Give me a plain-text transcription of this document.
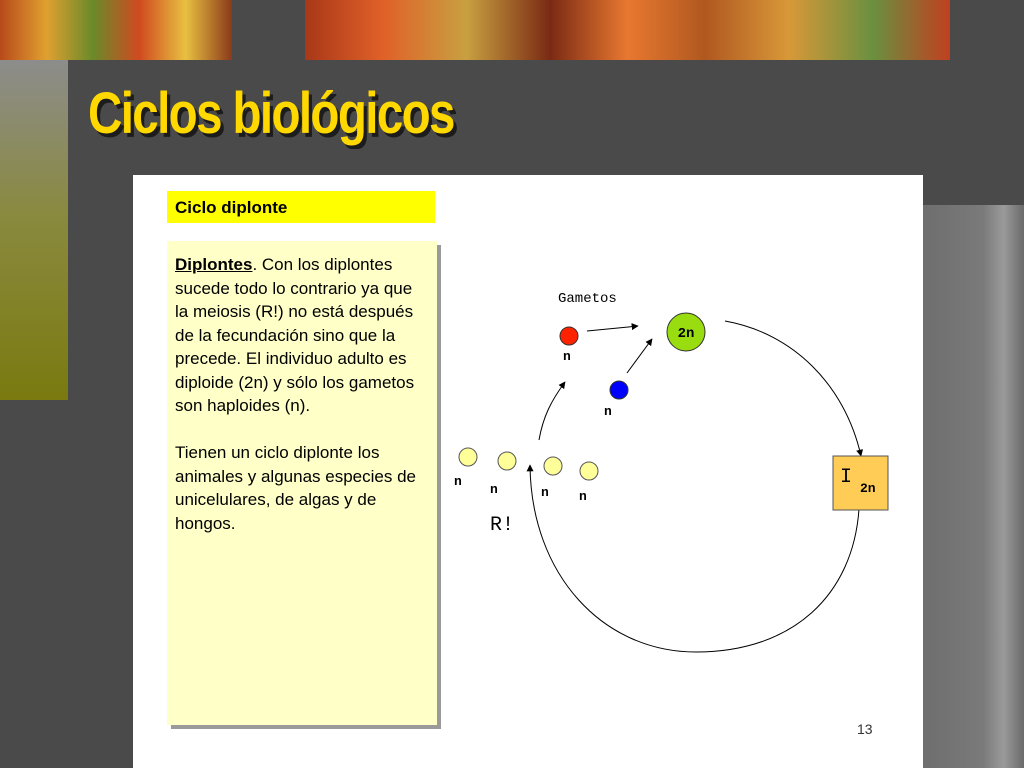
Ciclos biológicos
Ciclo diplonte

Diplontes. Con los diplontes sucede todo lo contrario ya que la meiosis (R!) no está después de la fecundación sino que la precede. El individuo adulto es diploide (2n) y sólo los gametos son haploides (n).

Tienen un ciclo diplonte los animales y algunas especies de unicelulares, de algas y de hongos.

Gametos
n
n
2n
I 2n
n
n	n n
R!
13
